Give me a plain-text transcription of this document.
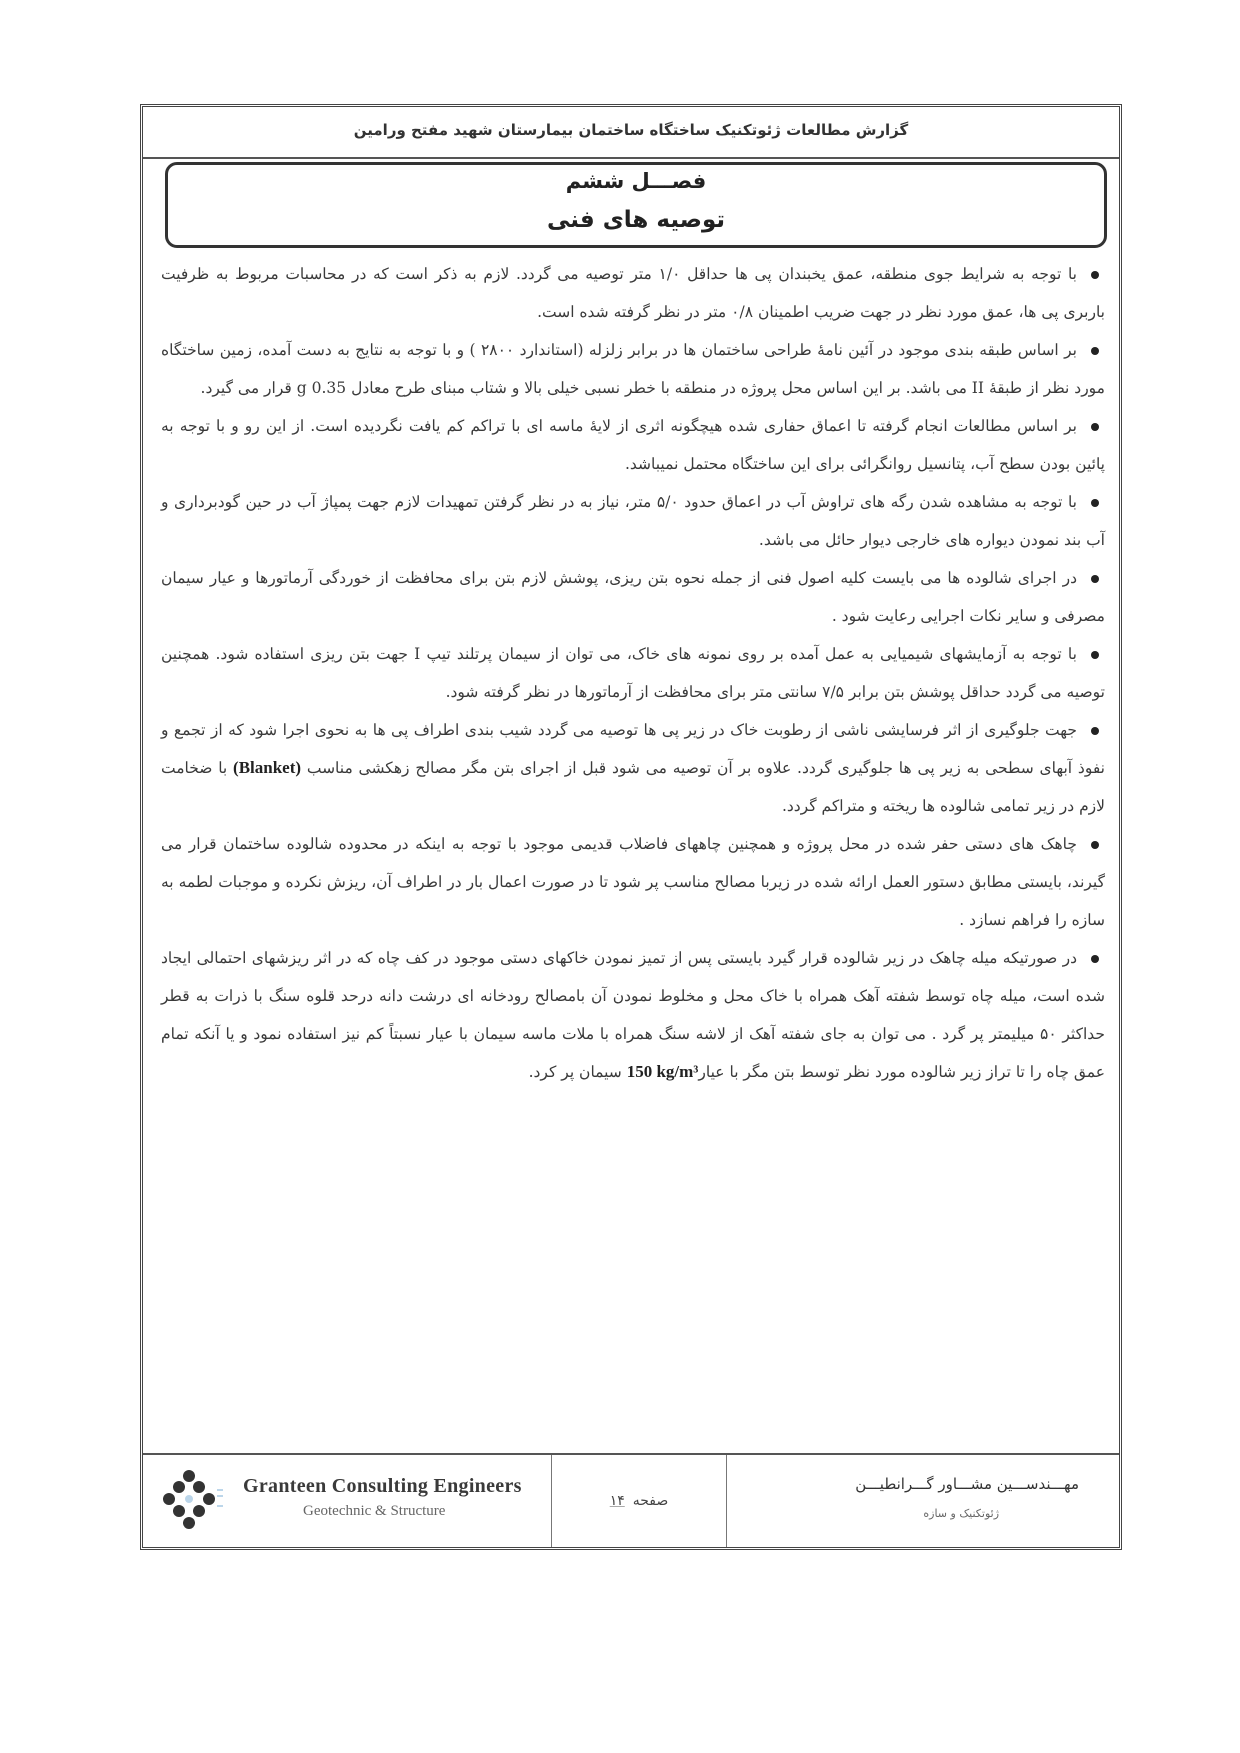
گزارش مطالعات ژئوتکنیک ساختگاه ساختمان بیمارستان شهید مفتح ورامین
فصـــل ششم
توصیه های فنی

با توجه به شرایط جوی منطقه، عمق یخبندان پی ها حداقل ۱/۰ متر توصیه می گردد. لازم به ذکر است که در محاسبات مربوط به ظرفیت باربری پی ها، عمق مورد نظر در جهت ضریب اطمینان ۰/۸ متر در نظر گرفته شده است.

بر اساس طبقه بندی موجود در آئین نامۀ طراحی ساختمان ها در برابر زلزله (استاندارد ۲۸۰۰ ) و با توجه به نتایج به دست آمده، زمین ساختگاه مورد نظر از طبقۀ II می باشد. بر این اساس محل پروژه در منطقه با خطر نسبی خیلی بالا و شتاب مبنای طرح معادل 0.35 g قرار می گیرد.

بر اساس مطالعات انجام گرفته تا اعماق حفاری شده هیچگونه اثری از لایۀ ماسه ای با تراکم کم یافت نگردیده است. از این رو و با توجه به پائین بودن سطح آب، پتانسیل روانگرائی برای این ساختگاه محتمل نمیباشد.

با توجه به مشاهده شدن رگه های تراوش آب در اعماق حدود ۵/۰ متر، نیاز به در نظر گرفتن تمهیدات لازم جهت پمپاژ آب در حین گودبرداری و آب بند نمودن دیواره های خارجی دیوار حائل می باشد.

در اجرای شالوده ها می بایست کلیه اصول فنی از جمله نحوه بتن ریزی، پوشش لازم بتن برای محافظت از خوردگی آرماتورها و عیار سیمان مصرفی و سایر نکات اجرایی رعایت شود .

با توجه به آزمایشهای شیمیایی به عمل آمده بر روی نمونه های خاک، می توان از سیمان پرتلند تیپ I جهت بتن ریزی استفاده شود. همچنین توصیه می گردد حداقل پوشش بتن برابر ۷/۵ سانتی متر برای محافظت از آرماتورها در نظر گرفته شود.

جهت جلوگیری از اثر فرسایشی ناشی از رطوبت خاک در زیر پی ها توصیه می گردد شیب بندی اطراف پی ها به نحوی اجرا شود که از تجمع و نفوذ آبهای سطحی به زیر پی ها جلوگیری گردد. علاوه بر آن توصیه می شود قبل از اجرای بتن مگر مصالح زهکشی مناسب (Blanket) با ضخامت لازم در زیر تمامی شالوده ها ریخته و متراکم گردد.

چاهک های دستی حفر شده در محل پروژه و همچنین چاههای فاضلاب قدیمی موجود با توجه به اینکه در محدوده شالوده ساختمان قرار می گیرند، بایستی مطابق دستور العمل ارائه شده در زیربا مصالح مناسب پر شود تا در صورت اعمال بار در اطراف آن، ریزش نکرده و موجبات لطمه به سازه را فراهم نسازد .

در صورتیکه میله چاهک در زیر شالوده قرار گیرد بایستی پس از تمیز نمودن خاکهای دستی موجود در کف چاه که در اثر ریزشهای احتمالی ایجاد شده است، میله چاه توسط شفته آهک همراه با خاک محل و مخلوط نمودن آن بامصالح رودخانه ای درشت دانه درحد قلوه سنگ با ذرات به قطر حداکثر ۵۰ میلیمتر پر گرد . می توان به جای شفته آهک از لاشه سنگ همراه با ملات ماسه سیمان با عیار نسبتاً کم نیز استفاده نمود و یا آنکه تمام عمق چاه را تا تراز زیر شالوده مورد نظر توسط بتن مگر با عیار150 kg/m³ سیمان پر کرد.

Granteen Consulting Engineers
Geotechnic & Structure
صفحه
۱۴
مهـــندســـین مشـــاور گـــرانطیـــن
ژئوتکنیک و سازه
